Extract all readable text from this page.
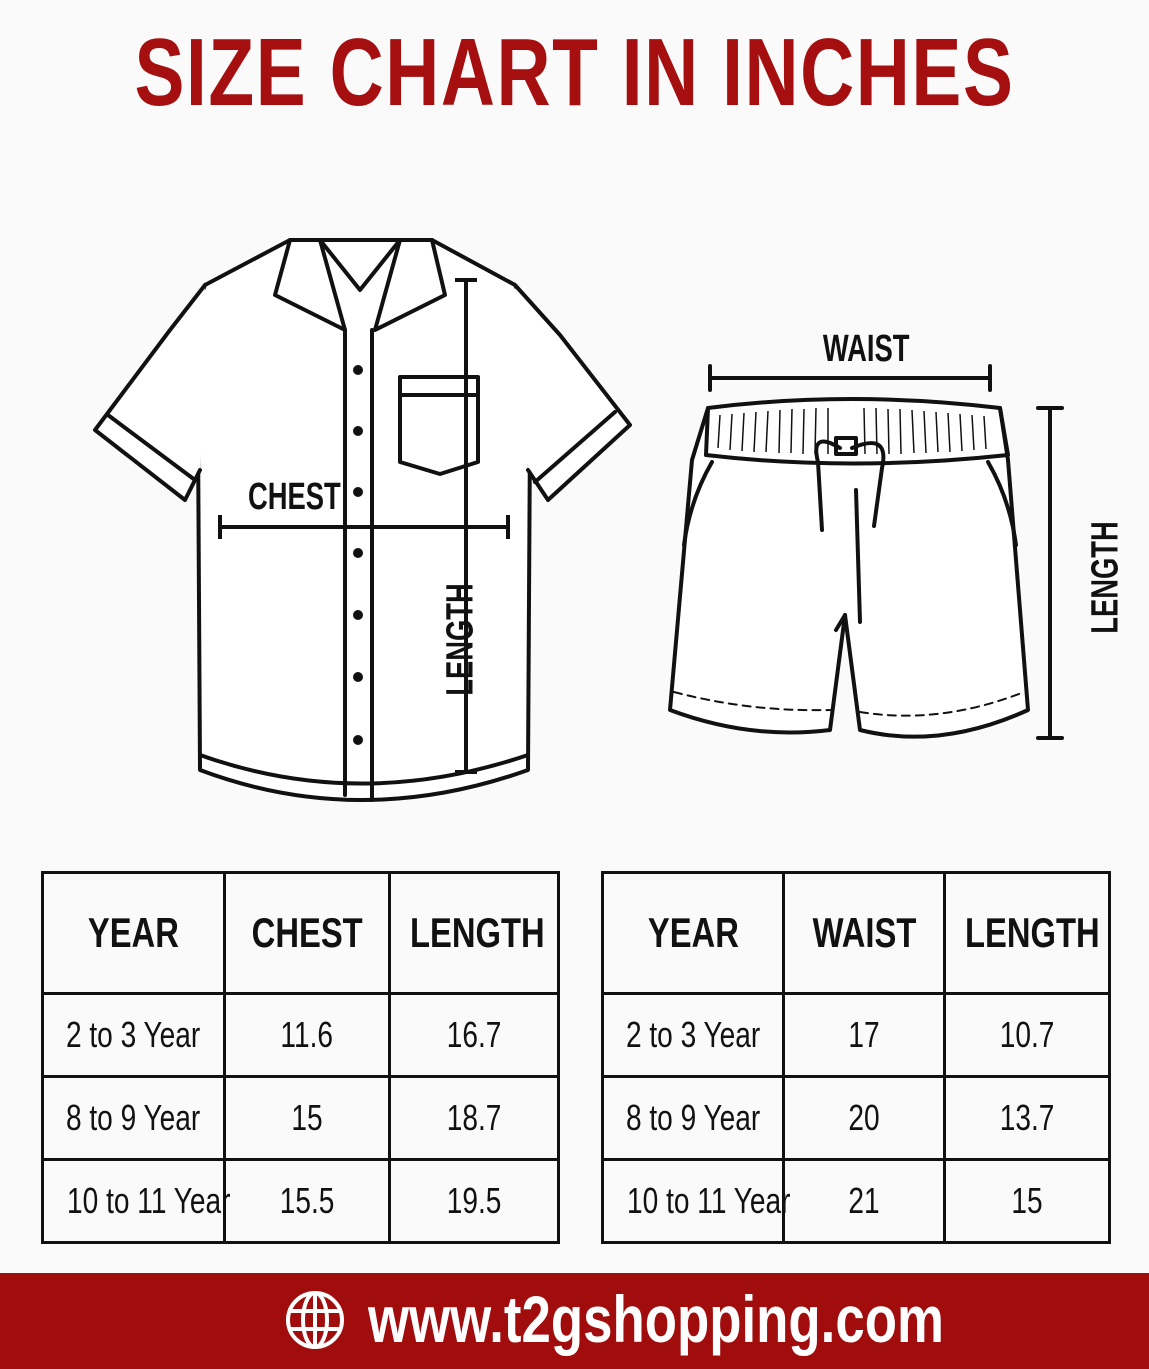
SIZE CHART IN INCHES
CHEST
LENGTH
WAIST
LENGTH
YEAR	CHEST	LENGTH
2 to 3 Year	11.6	16.7
8 to 9 Year	15	18.7
10 to 11 Year	15.5	19.5
YEAR	WAIST	LENGTH
2 to 3 Year	17	10.7
8 to 9 Year	20	13.7
10 to 11 Year	21	15
www.t2gshopping.com
